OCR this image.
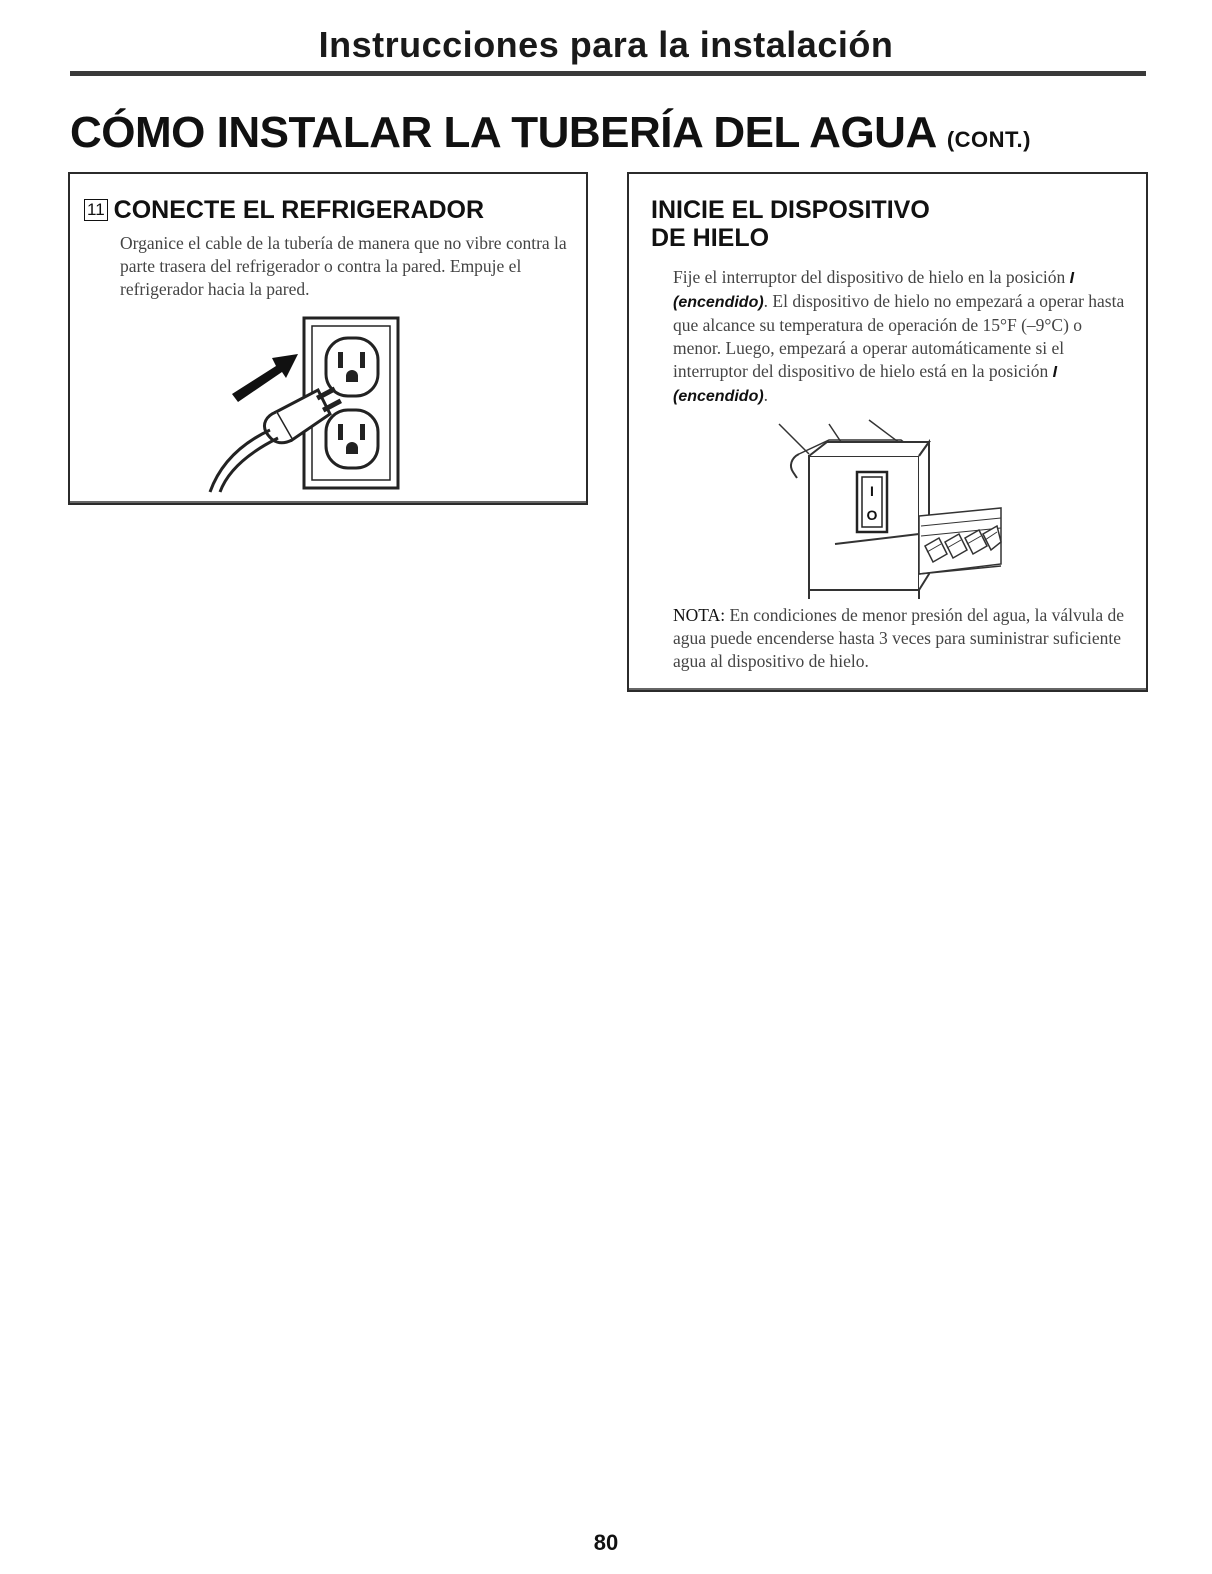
Instrucciones para la instalación
CÓMO INSTALAR LA TUBERÍA DEL AGUA (CONT.)
11 CONECTE EL REFRIGERADOR
Organice el cable de la tubería de manera que no vibre contra la parte trasera del refrigerador o contra la pared. Empuje el refrigerador hacia la pared.
INICIE EL DISPOSITIVO
DE HIELO
Fije el interruptor del dispositivo de hielo en la posición I (encendido). El dispositivo de hielo no empezará a operar hasta que alcance su temperatura de operación de 15°F (–9°C) o menor. Luego, empezará a operar automáticamente si el interruptor del dispositivo de hielo está en la posición I (encendido).
I
O
NOTA: En condiciones de menor presión del agua, la válvula de agua puede encenderse hasta 3 veces para suministrar suficiente agua al dispositivo de hielo.
80
